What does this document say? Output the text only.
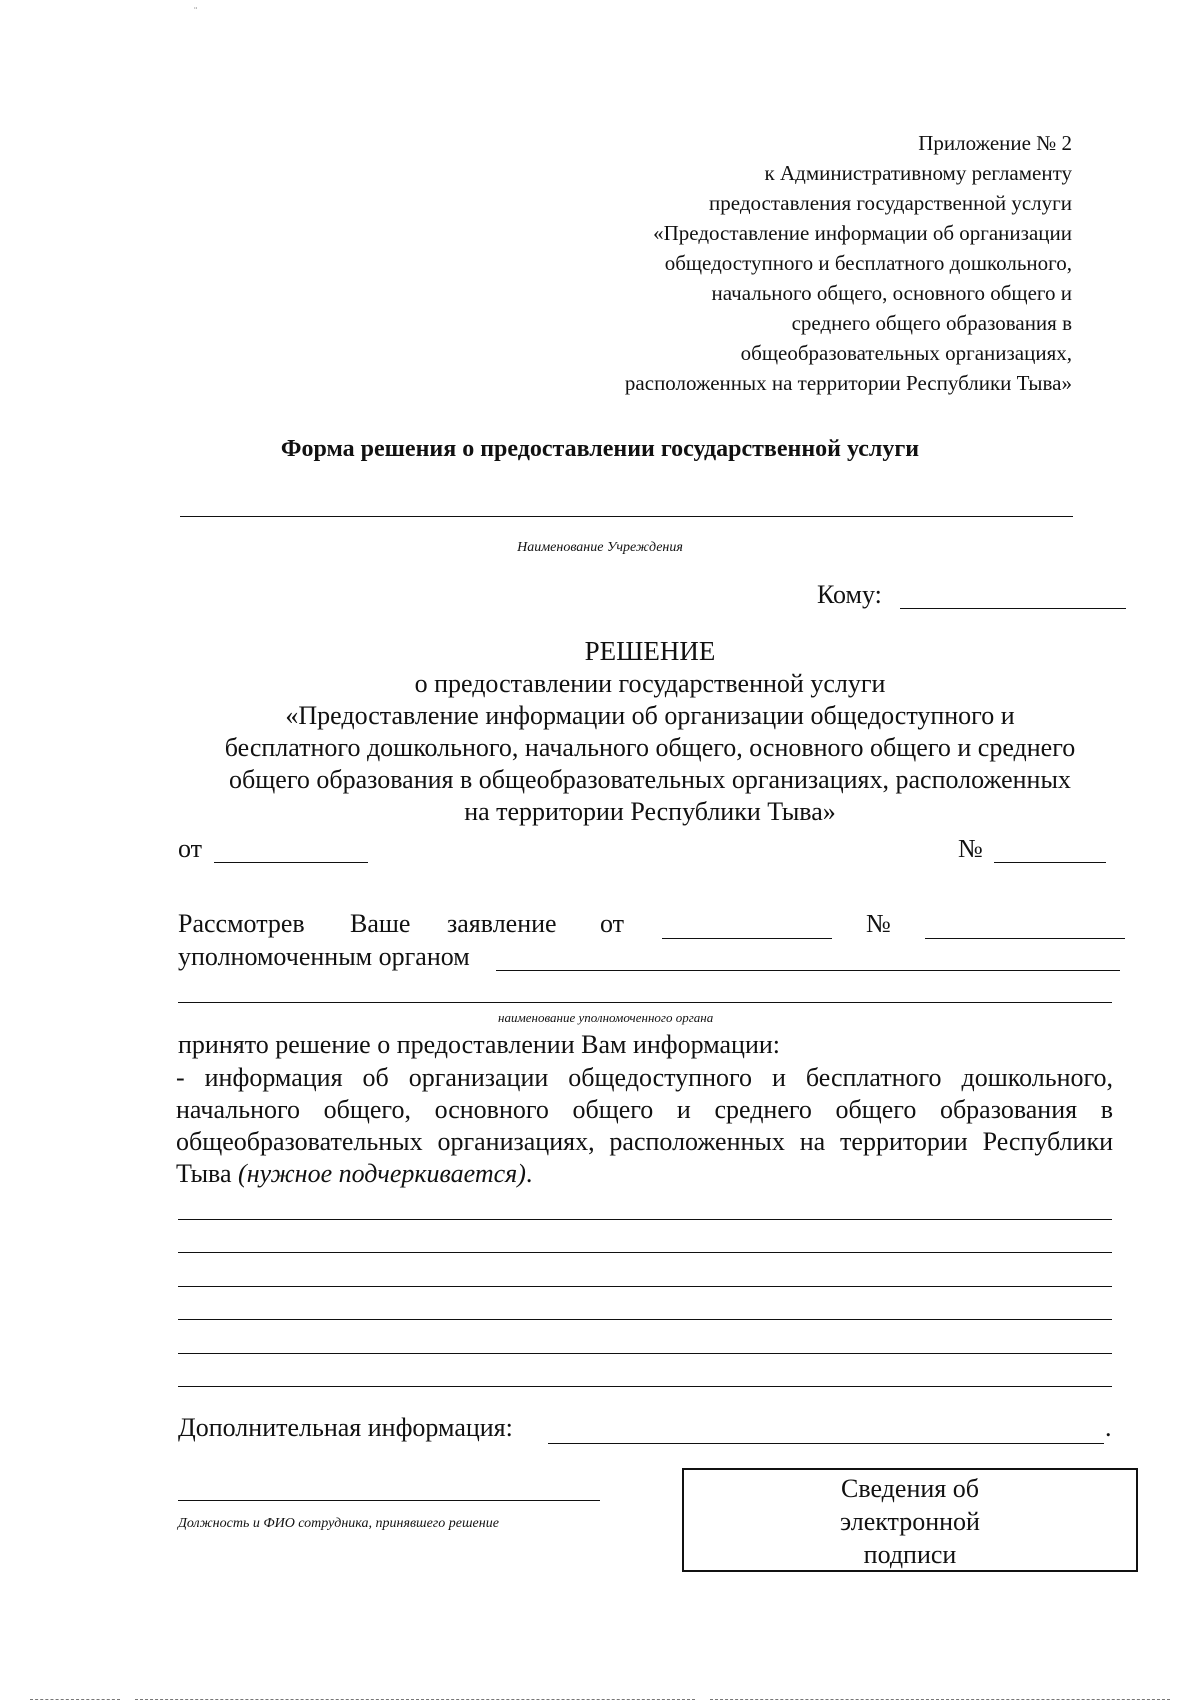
¨
Приложение № 2
к Административному регламенту
предоставления государственной услуги
«Предоставление информации об организации
общедоступного и бесплатного дошкольного,
начального общего, основного общего и
среднего общего образования в
общеобразовательных организациях,
расположенных на территории Республики Тыва»
Форма решения о предоставлении государственной услуги
Наименование Учреждения
Кому:
РЕШЕНИЕ
о предоставлении государственной услуги
«Предоставление информации об организации общедоступного и
бесплатного дошкольного, начального общего, основного общего и среднего
общего образования в общеобразовательных организациях, расположенных
на территории Республики Тыва»
от	№
Рассмотрев Ваше заявление от	№
уполномоченным органом
наименование уполномоченного органа
принято решение о предоставлении Вам информации:
- информация об организации общедоступного и бесплатного дошкольного, начального общего, основного общего и среднего общего образования в общеобразовательных организациях, расположенных на территории Республики Тыва (нужное подчеркивается).
Дополнительная информация:	.
Должность и ФИО сотрудника, принявшего решение
Сведения об
электронной
подписи
